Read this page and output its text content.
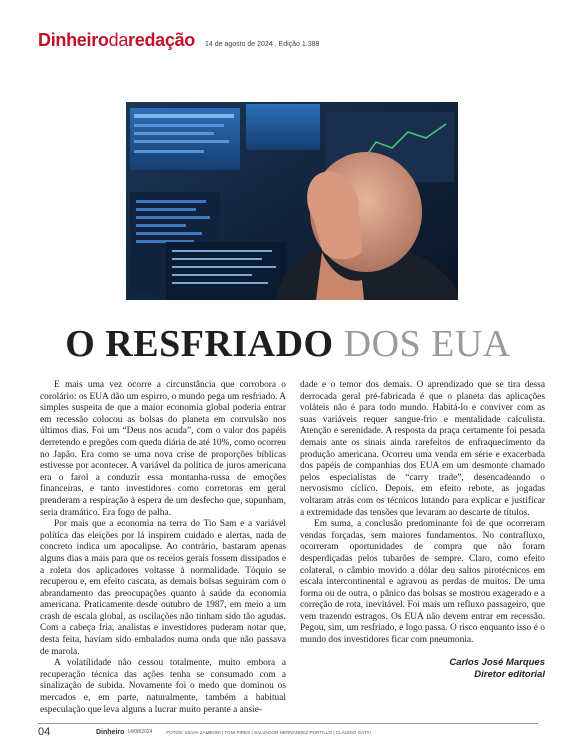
Dinheirodaredação 14 de agosto de 2024 . Edição 1.388
O RESFRIADO DOS EUA

E mais uma vez ocorre a circunstância que corrobora o corolário: os EUA dão um espirro, o mundo pega um resfriado. A simples suspeita de que a maior economia global poderia entrar em recessão colocou as bolsas do planeta em convulsão nos últimos dias. Foi um “Deus nos acuda”, com o valor dos papéis derretendo e pregões com queda diária de até 10%, como ocorreu no Japão. Era como se uma nova crise de proporções bíblicas estivesse por acontecer. A variável da política de juros americana era o farol a conduzir essa montanha-russa de emoções financeiras, e tanto investidores como corretoras em geral prenderam a respiração à espera de um desfecho que, supunham, seria dramático. Era fogo de palha.

Por mais que a economia na terra do Tio Sam e a variável política das eleições por lá inspirem cuidado e alertas, nada de concreto indica um apocalipse. Ao contrário, bastaram apenas alguns dias a mais para que os receios gerais fossem dissipados e a roleta dos aplicadores voltasse à normalidade. Tóquio se recuperou e, em efeito cascata, as demais bolsas seguiram com o abrandamento das preocupações quanto à saúde da economia americana. Praticamente desde outubro de 1987, em meio a um crash de escala global, as oscilações não tinham sido tão agudas. Com a cabeça fria, analistas e investidores puderam notar que, desta feita, haviam sido embalados numa onda que não passava de marola.

A volatilidade não cessou totalmente, muito embora a recuperação técnica das ações tenha se consumado com a sinalização de subida. Novamente foi o medo que dominou os mercados e, em parte, naturalmente, também a habitual especulação que leva alguns a lucrar muito perante a ansie-

dade e o temor dos demais. O aprendizado que se tira dessa derrocada geral pré-fabricada é que o planeta das aplicações voláteis não é para todo mundo. Habitá-lo e conviver com as suas variáveis requer sangue-frio e mentalidade calculista. Atenção e serenidade. A resposta da praça certamente foi pesada demais ante os sinais ainda rarefeitos de enfraquecimento da produção americana. Ocorreu uma venda em série e exacerbada dos papéis de companhias dos EUA em um desmonte chamado pelos especialistas de “carry trade”, desencadeando o nervosismo cíclico. Depois, em efeito rebote, as jogadas voltaram atrás com os técnicos lutando para explicar e justificar a extremidade das tensões que levaram ao descarte de títulos.

Em suma, a conclusão predominante foi de que ocorreram vendas forçadas, sem maiores fundamentos. No contrafluxo, ocorreram oportunidades de compra que não foram desperdiçadas pelos tubarões de sempre. Claro, como efeito colateral, o câmbio movido a dólar deu saltos pirotécnicos em escala intercontinental e agravou as perdas de muitos. De uma forma ou de outra, o pânico das bolsas se mostrou exagerado e a correção de rota, inevitável. Foi mais um refluxo passageiro, que vem trazendo estragos. Os EUA não devem entrar em recessão. Pegou, sim, um resfriado, e logo passa. O risco enquanto isso é o mundo dos investidores ficar com pneumonia.

Carlos José Marques
Diretor editorial
04	Dinheiro 14/08/2024	FOTOS: SILVIA ZAMBONI | TONI PIRES | SALVADOR HERNANDEZ PORTILLO | CLAUDIO GATTI
